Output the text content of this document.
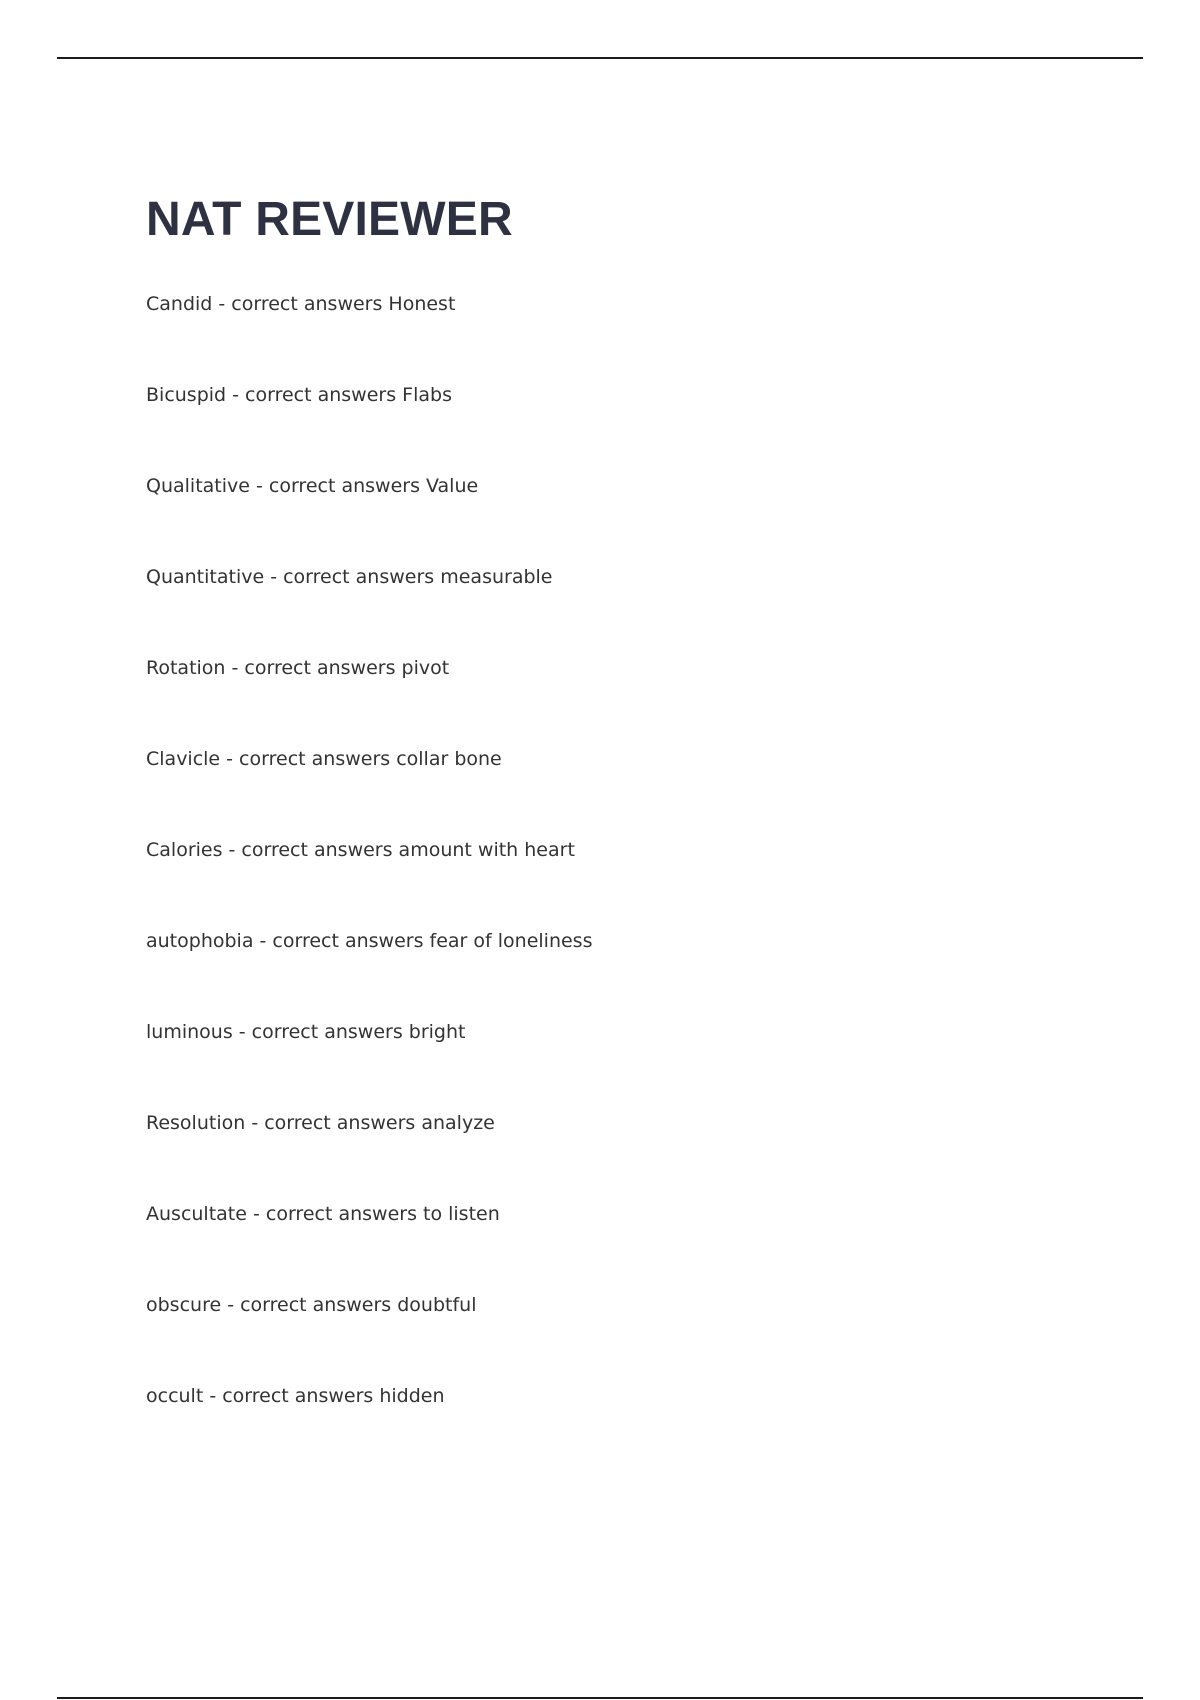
NAT REVIEWER
Candid - correct answers Honest
Bicuspid - correct answers Flabs
Qualitative - correct answers Value
Quantitative - correct answers measurable
Rotation - correct answers pivot
Clavicle - correct answers collar bone
Calories - correct answers amount with heart
autophobia - correct answers fear of loneliness
luminous - correct answers bright
Resolution - correct answers analyze
Auscultate - correct answers to listen
obscure - correct answers doubtful
occult - correct answers hidden
